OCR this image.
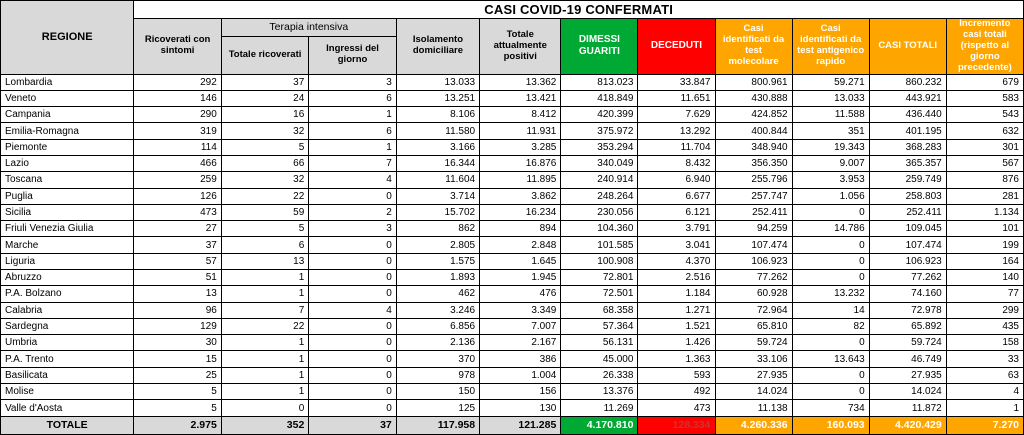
REGIONE	CASI COVID-19 CONFERMATI										
	Ricoverati con sintomi	Terapia intensiva		Isolamento domiciliare	Totale attualmente positivi	DIMESSI GUARITI	DECEDUTI	Casi identificati da test molecolare	Casi identificati da test antigenico rapido	CASI TOTALI	Incremento casi totali (rispetto al giorno precedente)
		Totale ricoverati	Ingressi del giorno								
Lombardia	292	37	3	13.033	13.362	813.023	33.847	800.961	59.271	860.232	679
Veneto	146	24	6	13.251	13.421	418.849	11.651	430.888	13.033	443.921	583
Campania	290	16	1	8.106	8.412	420.399	7.629	424.852	11.588	436.440	543
Emilia-Romagna	319	32	6	11.580	11.931	375.972	13.292	400.844	351	401.195	632
Piemonte	114	5	1	3.166	3.285	353.294	11.704	348.940	19.343	368.283	301
Lazio	466	66	7	16.344	16.876	340.049	8.432	356.350	9.007	365.357	567
Toscana	259	32	4	11.604	11.895	240.914	6.940	255.796	3.953	259.749	876
Puglia	126	22	0	3.714	3.862	248.264	6.677	257.747	1.056	258.803	281
Sicilia	473	59	2	15.702	16.234	230.056	6.121	252.411	0	252.411	1.134
Friuli Venezia Giulia	27	5	3	862	894	104.360	3.791	94.259	14.786	109.045	101
Marche	37	6	0	2.805	2.848	101.585	3.041	107.474	0	107.474	199
Liguria	57	13	0	1.575	1.645	100.908	4.370	106.923	0	106.923	164
Abruzzo	51	1	0	1.893	1.945	72.801	2.516	77.262	0	77.262	140
P.A. Bolzano	13	1	0	462	476	72.501	1.184	60.928	13.232	74.160	77
Calabria	96	7	4	3.246	3.349	68.358	1.271	72.964	14	72.978	299
Sardegna	129	22	0	6.856	7.007	57.364	1.521	65.810	82	65.892	435
Umbria	30	1	0	2.136	2.167	56.131	1.426	59.724	0	59.724	158
P.A. Trento	15	1	0	370	386	45.000	1.363	33.106	13.643	46.749	33
Basilicata	25	1	0	978	1.004	26.338	593	27.935	0	27.935	63
Molise	5	1	0	150	156	13.376	492	14.024	0	14.024	4
Valle d'Aosta	5	0	0	125	130	11.269	473	11.138	734	11.872	1
TOTALE	2.975	352	37	117.958	121.285	4.170.810	128.334	4.260.336	160.093	4.420.429	7.270
